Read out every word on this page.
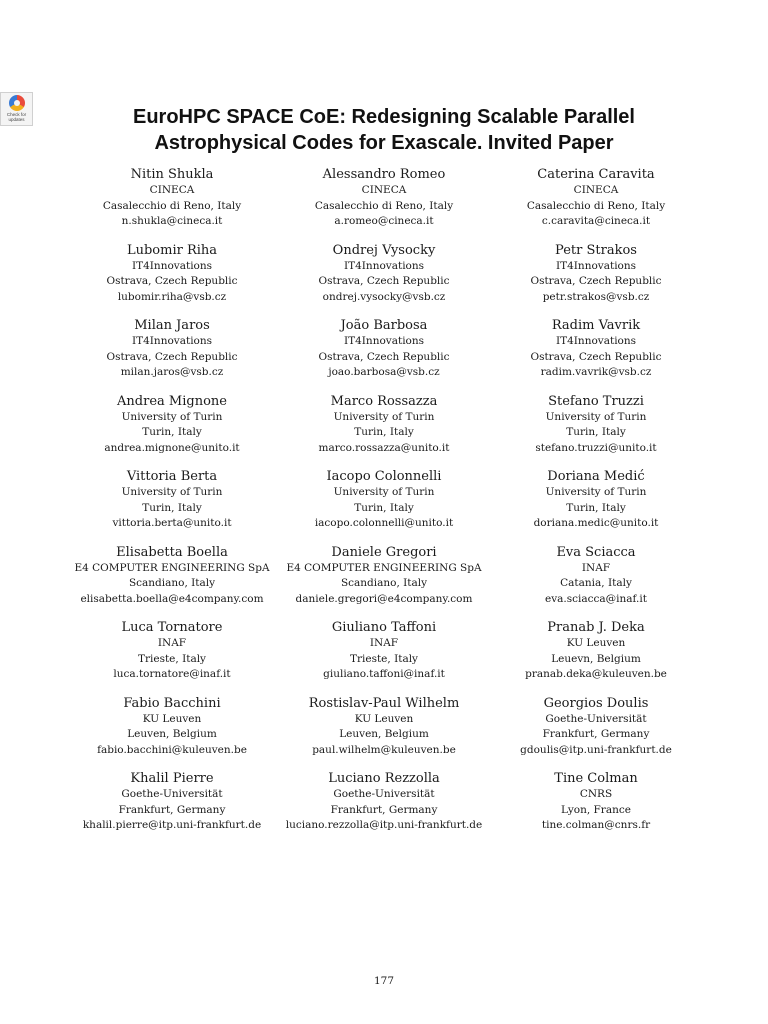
Check for
updates	EuroHPC SPACE CoE: Redesigning Scalable Parallel
Astrophysical Codes for Exascale. Invited Paper
Nitin Shukla
CINECA
Casalecchio di Reno, Italy
n.shukla@cineca.it
Alessandro Romeo
CINECA
Casalecchio di Reno, Italy
a.romeo@cineca.it
Caterina Caravita
CINECA
Casalecchio di Reno, Italy
c.caravita@cineca.it
Lubomir Riha
IT4Innovations
Ostrava, Czech Republic
lubomir.riha@vsb.cz
Ondrej Vysocky
IT4Innovations
Ostrava, Czech Republic
ondrej.vysocky@vsb.cz
Petr Strakos
IT4Innovations
Ostrava, Czech Republic
petr.strakos@vsb.cz
Milan Jaros
IT4Innovations
Ostrava, Czech Republic
milan.jaros@vsb.cz
João Barbosa
IT4Innovations
Ostrava, Czech Republic
joao.barbosa@vsb.cz
Radim Vavrik
IT4Innovations
Ostrava, Czech Republic
radim.vavrik@vsb.cz
Andrea Mignone
University of Turin
Turin, Italy
andrea.mignone@unito.it
Marco Rossazza
University of Turin
Turin, Italy
marco.rossazza@unito.it
Stefano Truzzi
University of Turin
Turin, Italy
stefano.truzzi@unito.it
Vittoria Berta
University of Turin
Turin, Italy
vittoria.berta@unito.it
Iacopo Colonnelli
University of Turin
Turin, Italy
iacopo.colonnelli@unito.it
Doriana Medić
University of Turin
Turin, Italy
doriana.medic@unito.it
Elisabetta Boella
E4 COMPUTER ENGINEERING SpA
Scandiano, Italy
elisabetta.boella@e4company.com
Daniele Gregori
E4 COMPUTER ENGINEERING SpA
Scandiano, Italy
daniele.gregori@e4company.com
Eva Sciacca
INAF
Catania, Italy
eva.sciacca@inaf.it
Luca Tornatore
INAF
Trieste, Italy
luca.tornatore@inaf.it
Giuliano Taffoni
INAF
Trieste, Italy
giuliano.taffoni@inaf.it
Pranab J. Deka
KU Leuven
Leuevn, Belgium
pranab.deka@kuleuven.be
Fabio Bacchini
KU Leuven
Leuven, Belgium
fabio.bacchini@kuleuven.be
Rostislav-Paul Wilhelm
KU Leuven
Leuven, Belgium
paul.wilhelm@kuleuven.be
Georgios Doulis
Goethe-Universität
Frankfurt, Germany
gdoulis@itp.uni-frankfurt.de
Khalil Pierre
Goethe-Universität
Frankfurt, Germany
khalil.pierre@itp.uni-frankfurt.de
Luciano Rezzolla
Goethe-Universität
Frankfurt, Germany
luciano.rezzolla@itp.uni-frankfurt.de
Tine Colman
CNRS
Lyon, France
tine.colman@cnrs.fr
177
